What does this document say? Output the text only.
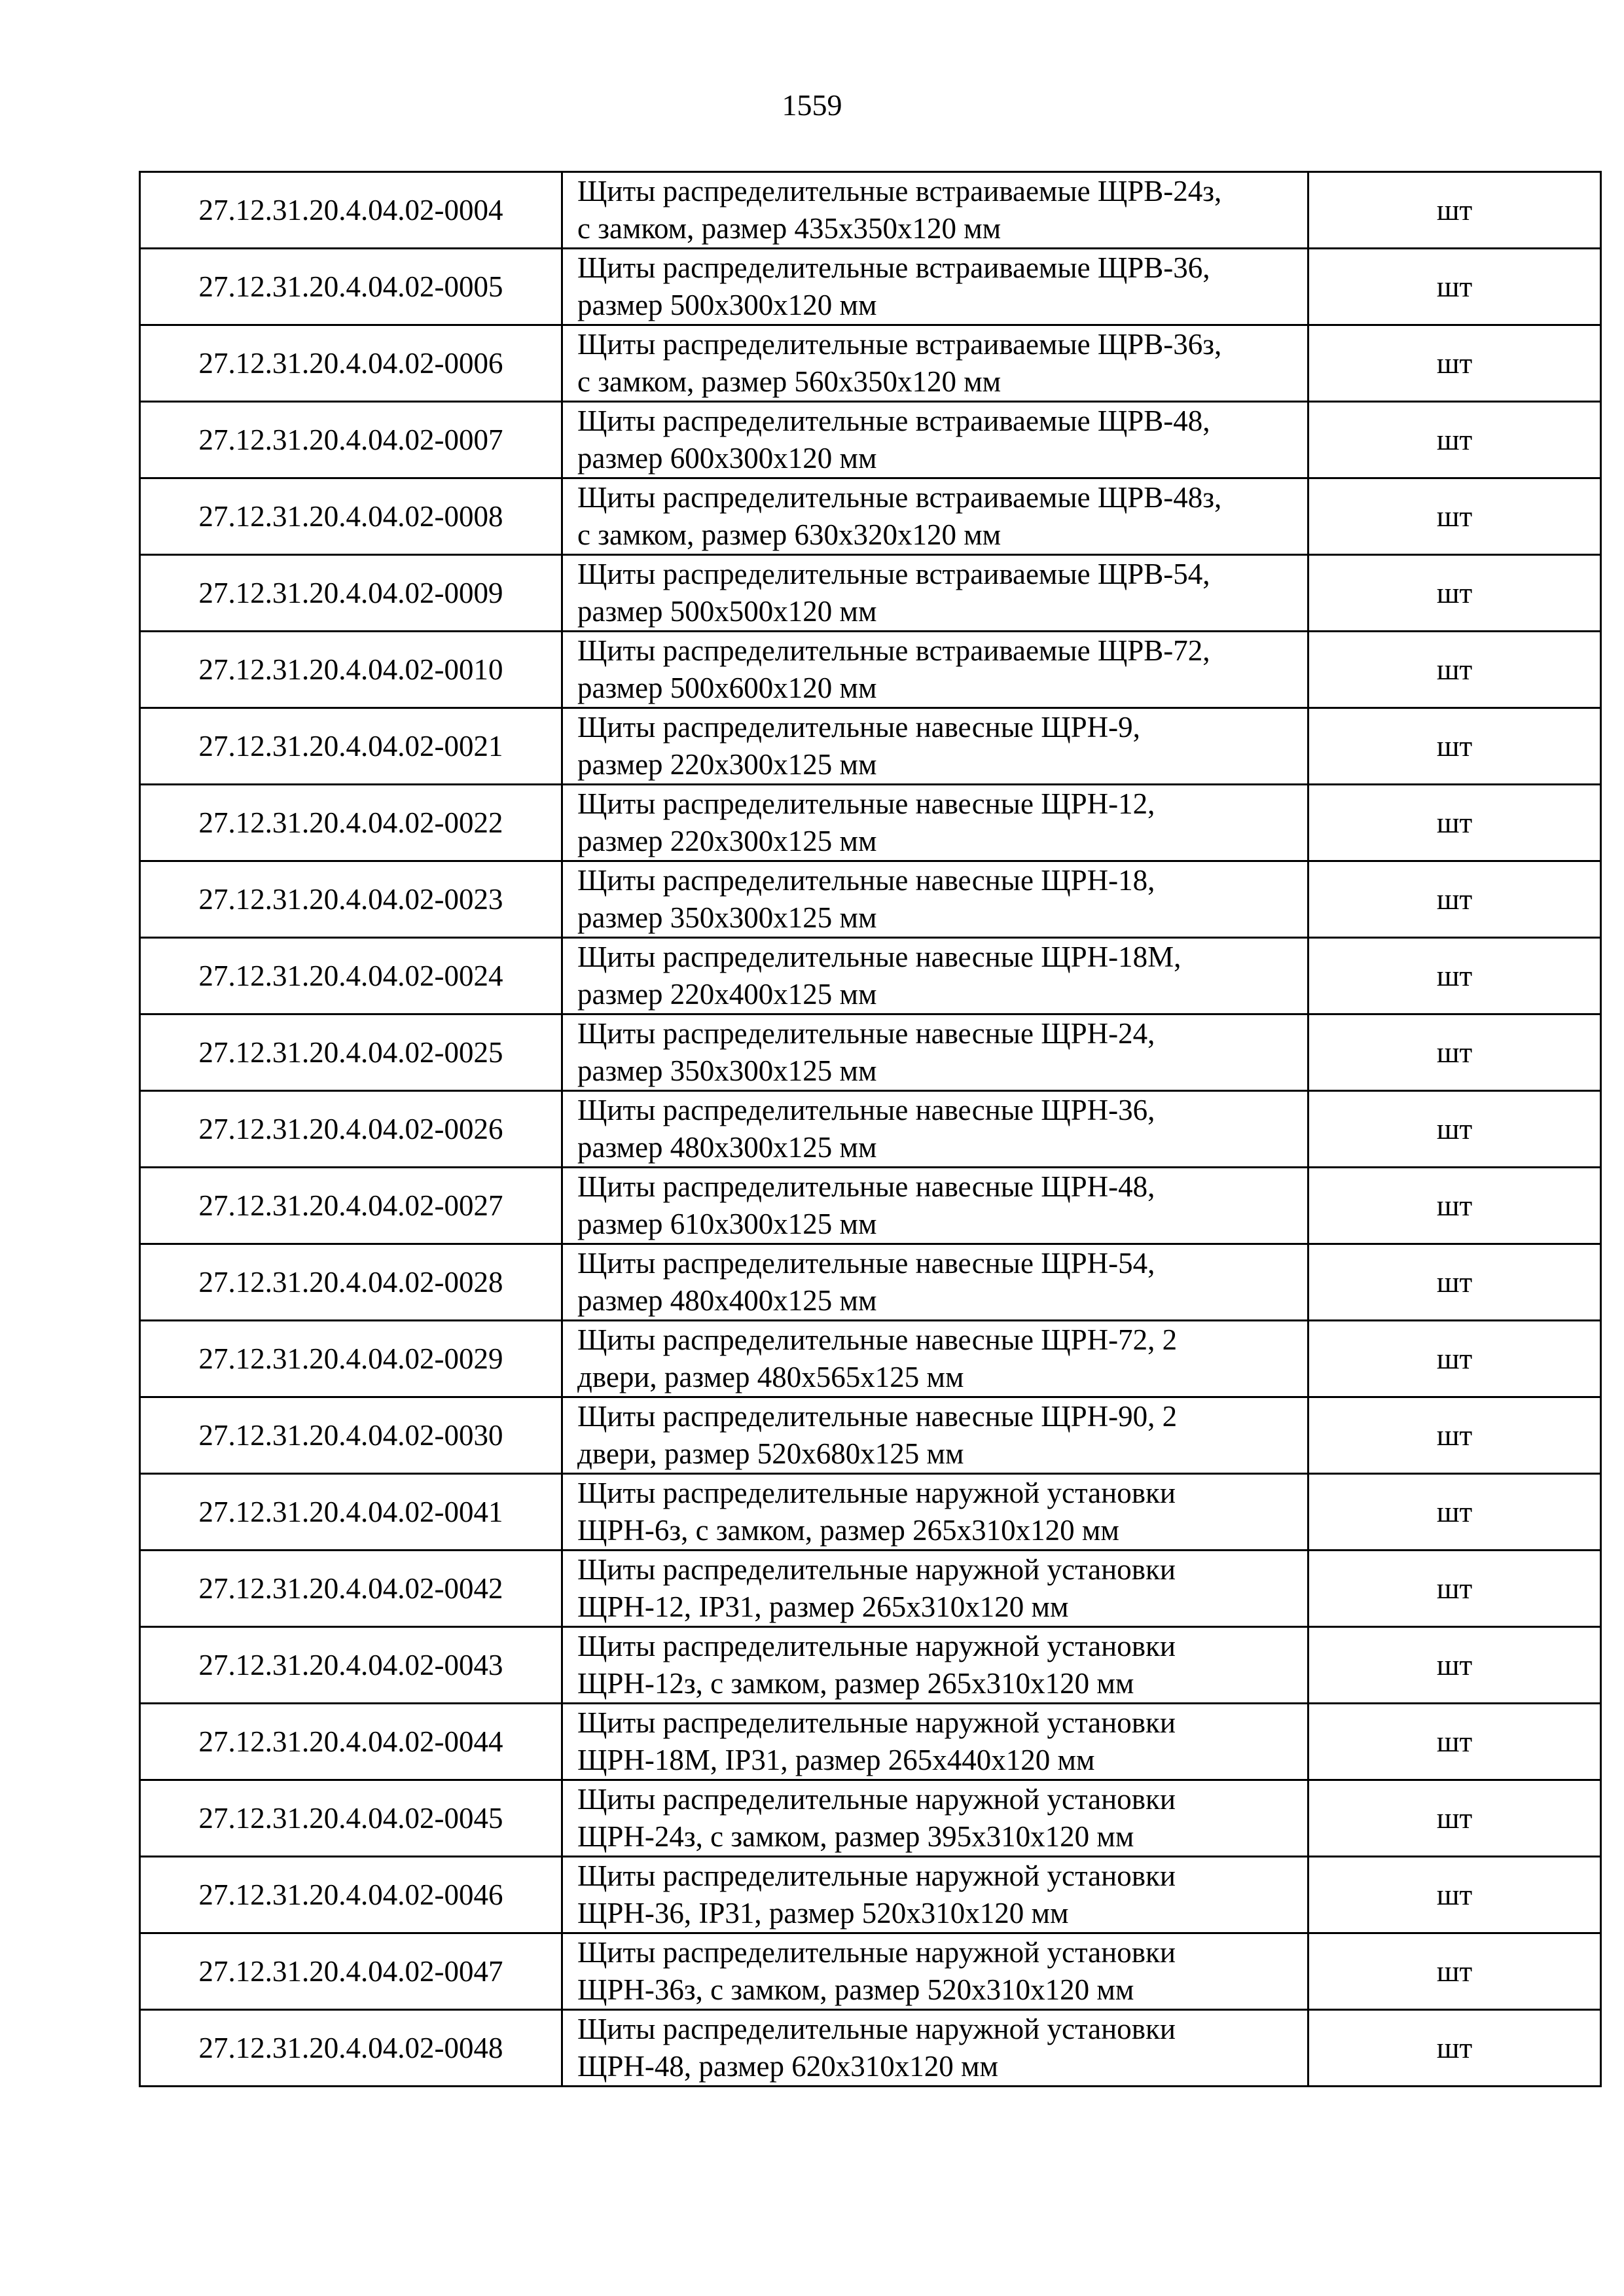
1559
27.12.31.20.4.04.02-0004	Щиты распределительные встраиваемые ЩРВ-24з,
с замком, размер 435х350х120 мм	шт
27.12.31.20.4.04.02-0005	Щиты распределительные встраиваемые ЩРВ-36,
размер 500х300х120 мм	шт
27.12.31.20.4.04.02-0006	Щиты распределительные встраиваемые ЩРВ-36з,
с замком, размер 560х350х120 мм	шт
27.12.31.20.4.04.02-0007	Щиты распределительные встраиваемые ЩРВ-48,
размер 600х300х120 мм	шт
27.12.31.20.4.04.02-0008	Щиты распределительные встраиваемые ЩРВ-48з,
с замком, размер 630х320х120 мм	шт
27.12.31.20.4.04.02-0009	Щиты распределительные встраиваемые ЩРВ-54,
размер 500х500х120 мм	шт
27.12.31.20.4.04.02-0010	Щиты распределительные встраиваемые ЩРВ-72,
размер 500х600х120 мм	шт
27.12.31.20.4.04.02-0021	Щиты распределительные навесные ЩРН-9,
размер 220х300х125 мм	шт
27.12.31.20.4.04.02-0022	Щиты распределительные навесные ЩРН-12,
размер 220х300х125 мм	шт
27.12.31.20.4.04.02-0023	Щиты распределительные навесные ЩРН-18,
размер 350х300х125 мм	шт
27.12.31.20.4.04.02-0024	Щиты распределительные навесные ЩРН-18М,
размер 220х400х125 мм	шт
27.12.31.20.4.04.02-0025	Щиты распределительные навесные ЩРН-24,
размер 350х300х125 мм	шт
27.12.31.20.4.04.02-0026	Щиты распределительные навесные ЩРН-36,
размер 480х300х125 мм	шт
27.12.31.20.4.04.02-0027	Щиты распределительные навесные ЩРН-48,
размер 610х300х125 мм	шт
27.12.31.20.4.04.02-0028	Щиты распределительные навесные ЩРН-54,
размер 480х400х125 мм	шт
27.12.31.20.4.04.02-0029	Щиты распределительные навесные ЩРН-72, 2
двери, размер 480х565х125 мм	шт
27.12.31.20.4.04.02-0030	Щиты распределительные навесные ЩРН-90, 2
двери, размер 520х680х125 мм	шт
27.12.31.20.4.04.02-0041	Щиты распределительные наружной установки
ЩРН-6з, с замком, размер 265х310х120 мм	шт
27.12.31.20.4.04.02-0042	Щиты распределительные наружной установки
ЩРН-12, IP31, размер 265х310х120 мм	шт
27.12.31.20.4.04.02-0043	Щиты распределительные наружной установки
ЩРН-12з, с замком, размер 265х310х120 мм	шт
27.12.31.20.4.04.02-0044	Щиты распределительные наружной установки
ЩРН-18М, IP31, размер 265х440х120 мм	шт
27.12.31.20.4.04.02-0045	Щиты распределительные наружной установки
ЩРН-24з, с замком, размер 395х310х120 мм	шт
27.12.31.20.4.04.02-0046	Щиты распределительные наружной установки
ЩРН-36, IP31, размер 520х310х120 мм	шт
27.12.31.20.4.04.02-0047	Щиты распределительные наружной установки
ЩРН-36з, с замком, размер 520х310х120 мм	шт
27.12.31.20.4.04.02-0048	Щиты распределительные наружной установки
ЩРН-48, размер 620х310х120 мм	шт
